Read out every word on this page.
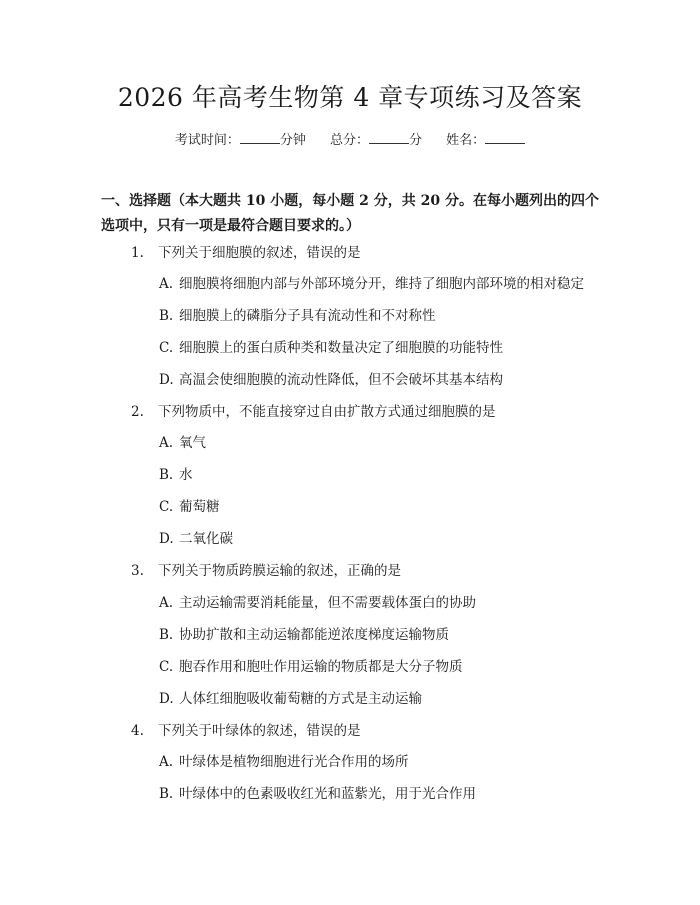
2026 年高考生物第 4 章专项练习及答案
考试时间：	分钟 总分：	分 姓名：
一、选择题（本大题共 10 小题，每小题 2 分，共 20 分。在每小题列出的四个选项中，只有一项是最符合题目要求的。）
1. 下列关于细胞膜的叙述，错误的是
A. 细胞膜将细胞内部与外部环境分开，维持了细胞内部环境的相对稳定
B. 细胞膜上的磷脂分子具有流动性和不对称性
C. 细胞膜上的蛋白质种类和数量决定了细胞膜的功能特性
D. 高温会使细胞膜的流动性降低，但不会破坏其基本结构
2. 下列物质中，不能直接穿过自由扩散方式通过细胞膜的是
A. 氧气
B. 水
C. 葡萄糖
D. 二氧化碳
3. 下列关于物质跨膜运输的叙述，正确的是
A. 主动运输需要消耗能量，但不需要载体蛋白的协助
B. 协助扩散和主动运输都能逆浓度梯度运输物质
C. 胞吞作用和胞吐作用运输的物质都是大分子物质
D. 人体红细胞吸收葡萄糖的方式是主动运输
4. 下列关于叶绿体的叙述，错误的是
A. 叶绿体是植物细胞进行光合作用的场所
B. 叶绿体中的色素吸收红光和蓝紫光，用于光合作用
